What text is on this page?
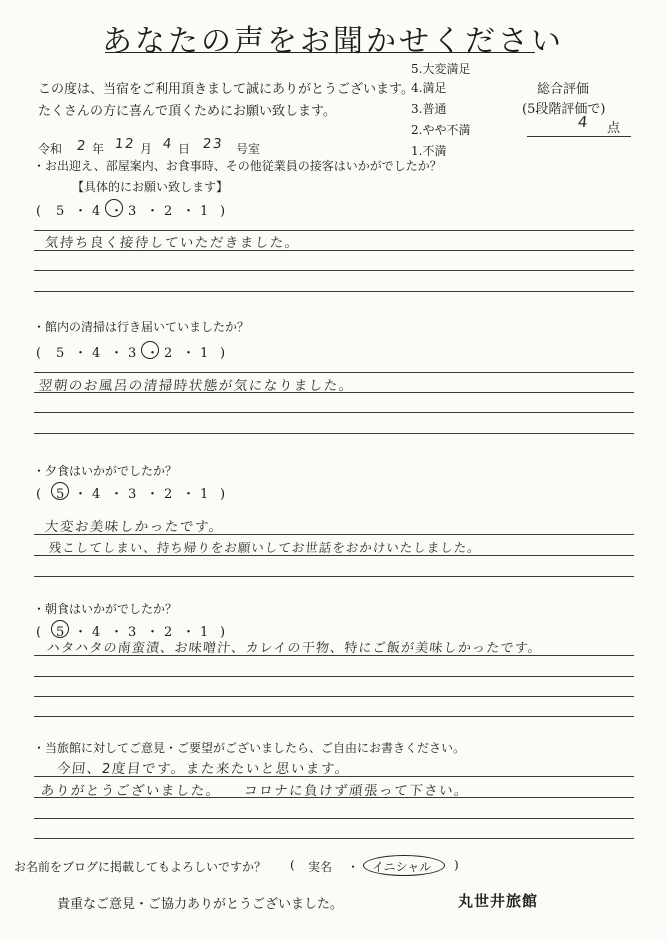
あなたの声をお聞かせください
この度は、当宿をご利用頂きまして誠にありがとうございます。
たくさんの方に喜んで頂くためにお願い致します。
5.大変満足
4.満足
3.普通
2.やや不満
1.不満
総合評価
(5段階評価で)
4 点
令和 2 年 12 月 4 日 23 号室
・お出迎え、部屋案内、お食事時、その他従業員の接客はいかがでしたか？
【具体的にお願い致します】
( 5 ・ 4 ・ 3 ・ 2 ・ 1 )
気持ち良く接待していただきました。
・館内の清掃は行き届いていましたか？
( 5 ・ 4 ・ 3 ・ 2 ・ 1 )
翌朝のお風呂の清掃時状態が気になりました。
・夕食はいかがでしたか？
( 5 ・ 4 ・ 3 ・ 2 ・ 1 )
大変お美味しかったです。
残こしてしまい、持ち帰りをお願いしてお世話をおかけいたしました。
・朝食はいかがでしたか？
( 5 ・ 4 ・ 3 ・ 2 ・ 1 )
ハタハタの南蛮漬、お味噌汁、カレイの干物、特にご飯が美味しかったです。
・当旅館に対してご意見・ご要望がございましたら、ご自由にお書きください。
今回、2度目です。また来たいと思います。
ありがとうございました。　　コロナに負けず頑張って下さい。
お名前をブログに掲載してもよろしいですか？ ( 実名 ・ イニシャル )
貴重なご意見・ご協力ありがとうございました。	丸世井旅館
